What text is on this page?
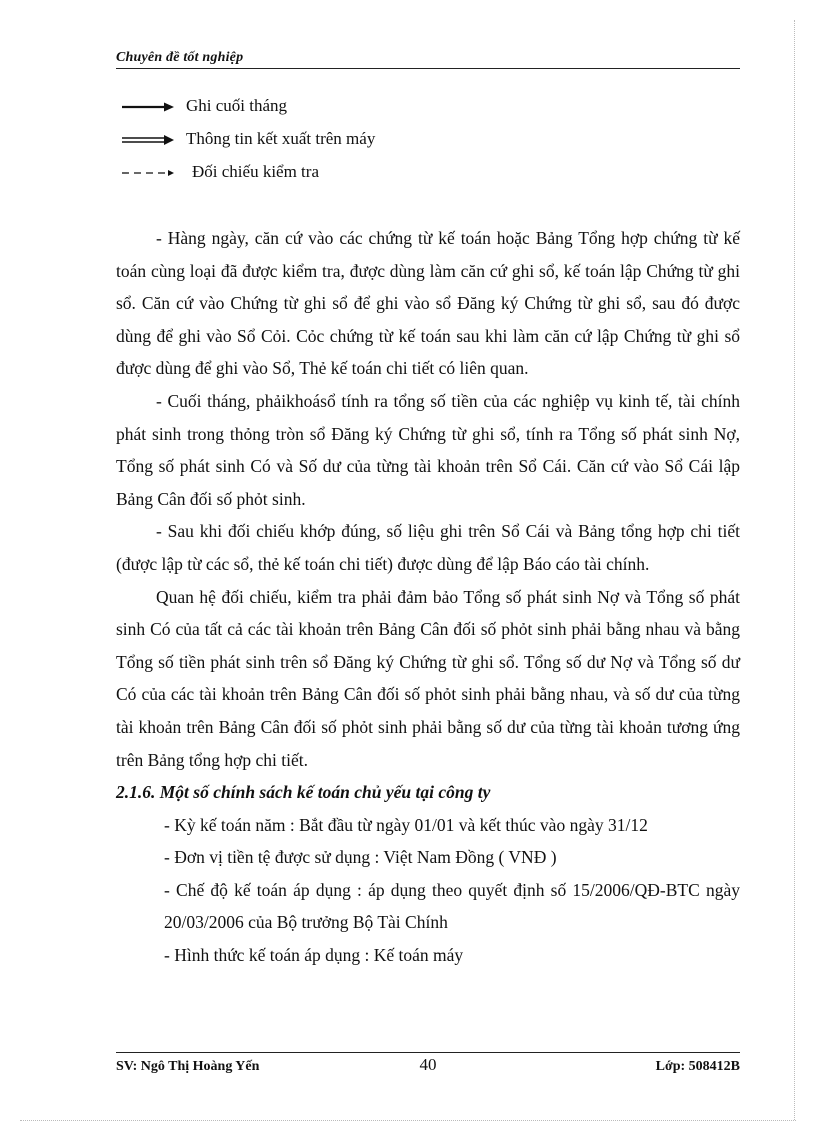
Chuyên đề tốt nghiệp
Ghi cuối tháng
Thông tin kết xuất trên máy
Đối chiếu kiểm tra

- Hàng ngày, căn cứ vào các chứng từ kế toán hoặc Bảng Tổng hợp chứng từ kế toán cùng loại đã được kiểm tra, được dùng làm căn cứ ghi sổ, kế toán lập Chứng từ ghi sổ. Căn cứ vào Chứng từ ghi sổ để ghi vào sổ Đăng ký Chứng từ ghi sổ, sau đó được dùng để ghi vào Sổ Cỏi. Cỏc chứng từ kế toán sau khi làm căn cứ lập Chứng từ ghi sổ được dùng để ghi vào Sổ, Thẻ kế toán chi tiết có liên quan.

- Cuối tháng, phảikhoásổ tính ra tổng số tiền của các nghiệp vụ kinh tế, tài chính phát sinh trong thỏng tròn sổ Đăng ký Chứng từ ghi sổ, tính ra Tổng số phát sinh Nợ, Tổng số phát sinh Có và Số dư của từng tài khoản trên Sổ Cái. Căn cứ vào Sổ Cái lập Bảng Cân đối số phỏt sinh.

- Sau khi đối chiếu khớp đúng, số liệu ghi trên Sổ Cái và Bảng tổng hợp chi tiết (được lập từ các sổ, thẻ kế toán chi tiết) được dùng để lập Báo cáo tài chính.

Quan hệ đối chiếu, kiểm tra phải đảm bảo Tổng số phát sinh Nợ và Tổng số phát sinh Có của tất cả các tài khoản trên Bảng Cân đối số phỏt sinh phải bằng nhau và bằng Tổng số tiền phát sinh trên sổ Đăng ký Chứng từ ghi sổ. Tổng số dư Nợ và Tổng số dư Có của các tài khoản trên Bảng Cân đối số phỏt sinh phải bằng nhau, và số dư của từng tài khoản trên Bảng Cân đối số phỏt sinh phải bằng số dư của từng tài khoản tương ứng trên Bảng tổng hợp chi tiết.

2.1.6. Một số chính sách kế toán chủ yếu tại công ty

- Kỳ kế toán năm : Bắt đầu từ ngày 01/01 và kết thúc vào ngày 31/12

- Đơn vị tiền tệ được sử dụng : Việt Nam Đồng ( VNĐ )

- Chế độ kế toán áp dụng : áp dụng theo quyết định số 15/2006/QĐ-BTC ngày 20/03/2006 của Bộ trưởng Bộ Tài Chính

- Hình thức kế toán áp dụng : Kế toán máy

SV: Ngô Thị Hoàng Yến	40	Lớp: 508412B
